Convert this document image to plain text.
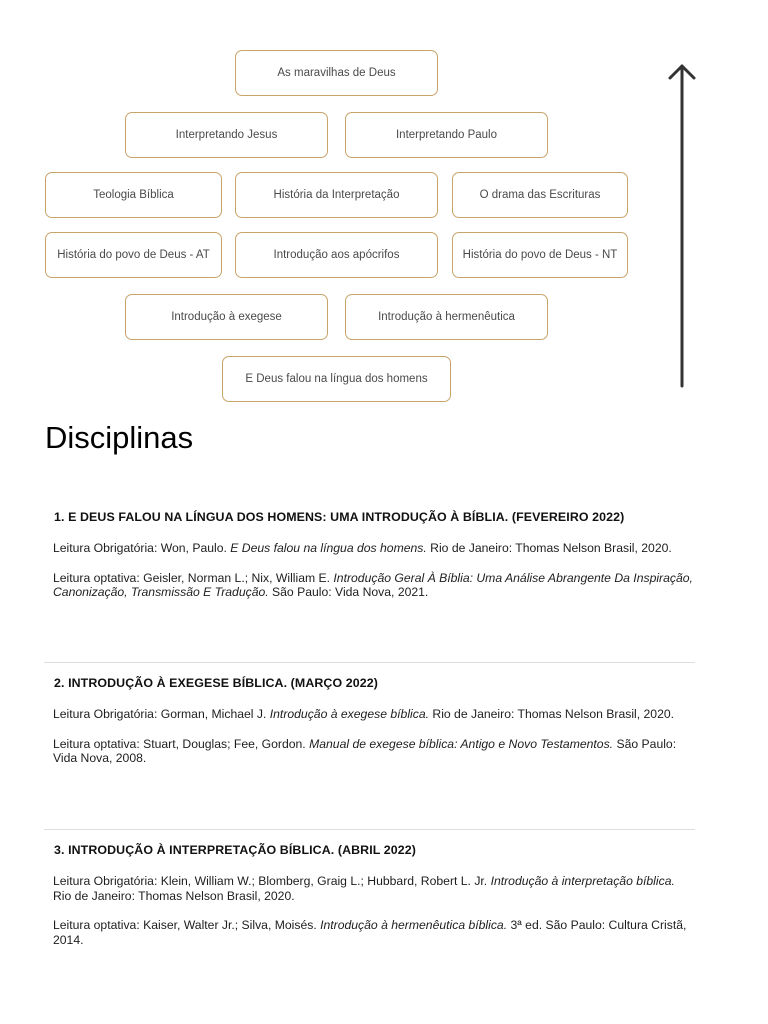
As maravilhas de Deus
Interpretando Jesus	Interpretando Paulo
Teologia Bíblica	História da Interpretação	O drama das Escrituras
História do povo de Deus - AT	Introdução aos apócrifos	História do povo de Deus - NT
Introdução à exegese	Introdução à hermenêutica
E Deus falou na língua dos homens
Disciplinas
1. E DEUS FALOU NA LÍNGUA DOS HOMENS: UMA INTRODUÇÃO À BÍBLIA. (FEVEREIRO 2022)
Leitura Obrigatória: Won, Paulo. E Deus falou na língua dos homens. Rio de Janeiro: Thomas Nelson Brasil, 2020.
Leitura optativa: Geisler, Norman L.; Nix, William E. Introdução Geral À Bíblia: Uma Análise Abrangente Da Inspiração, Canonização, Transmissão E Tradução. São Paulo: Vida Nova, 2021.
2. INTRODUÇÃO À EXEGESE BÍBLICA. (MARÇO 2022)
Leitura Obrigatória: Gorman, Michael J. Introdução à exegese bíblica. Rio de Janeiro: Thomas Nelson Brasil, 2020.
Leitura optativa: Stuart, Douglas; Fee, Gordon. Manual de exegese bíblica: Antigo e Novo Testamentos. São Paulo: Vida Nova, 2008.
3. INTRODUÇÃO À INTERPRETAÇÃO BÍBLICA. (ABRIL 2022)
Leitura Obrigatória: Klein, William W.; Blomberg, Graig L.; Hubbard, Robert L. Jr. Introdução à interpretação bíblica. Rio de Janeiro: Thomas Nelson Brasil, 2020.
Leitura optativa: Kaiser, Walter Jr.; Silva, Moisés. Introdução à hermenêutica bíblica. 3ª ed. São Paulo: Cultura Cristã, 2014.
